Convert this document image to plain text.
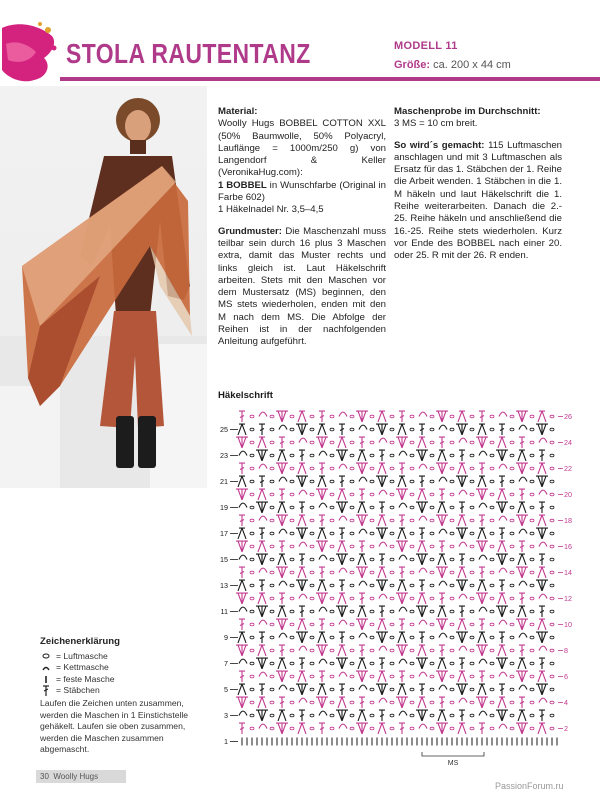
STOLA RAUTENTANZ	MODELL 11
Größe: ca. 200 x 44 cm

Material:
Woolly Hugs BOBBEL COTTON XXL (50% Baumwolle, 50% Polyacryl, Lauflänge = 1000m/250 g) von Langendorf & Keller (VeronikaHug.com):
1 BOBBEL in Wunschfarbe (Original in Farbe 602)
1 Häkelnadel Nr. 3,5–4,5

Grundmuster: Die Maschenzahl muss teilbar sein durch 16 plus 3 Maschen extra, damit das Muster rechts und links gleich ist. Laut Häkelschrift arbeiten. Stets mit den Maschen vor dem Mustersatz (MS) beginnen, den MS stets wiederholen, enden mit den M nach dem MS. Die Abfolge der Reihen ist in der nachfolgenden Anleitung aufgeführt.

Maschenprobe im Durchschnitt:
3 MS = 10 cm breit.

So wird´s gemacht: 115 Luftmaschen anschlagen und mit 3 Luftmaschen als Ersatz für das 1. Stäbchen der 1. Reihe die Arbeit wenden. 1 Stäbchen in die 1. M häkeln und laut Häkelschrift die 1. Reihe weiterarbeiten. Danach die 2.- 25. Reihe häkeln und anschließend die 16.-25. Reihe stets wiederholen. Kurz vor Ende des BOBBEL nach einer 20. oder 25. R mit der 26. R enden.

Häkelschrift
25
23
21
19
17
15
13
11
9
7
5
3
1
26
24
22
20
18
16
14
12
10
8
6
4
2
MS
Zeichenerklärung
= Luftmasche
= Kettmasche
= feste Masche
= Stäbchen
Laufen die Zeichen unten zusammen, werden die Maschen in 1 Einstichstelle gehäkelt. Laufen sie oben zusammen, werden die Maschen zusammen abgemascht.
30 Woolly Hugs
PassionForum.ru
